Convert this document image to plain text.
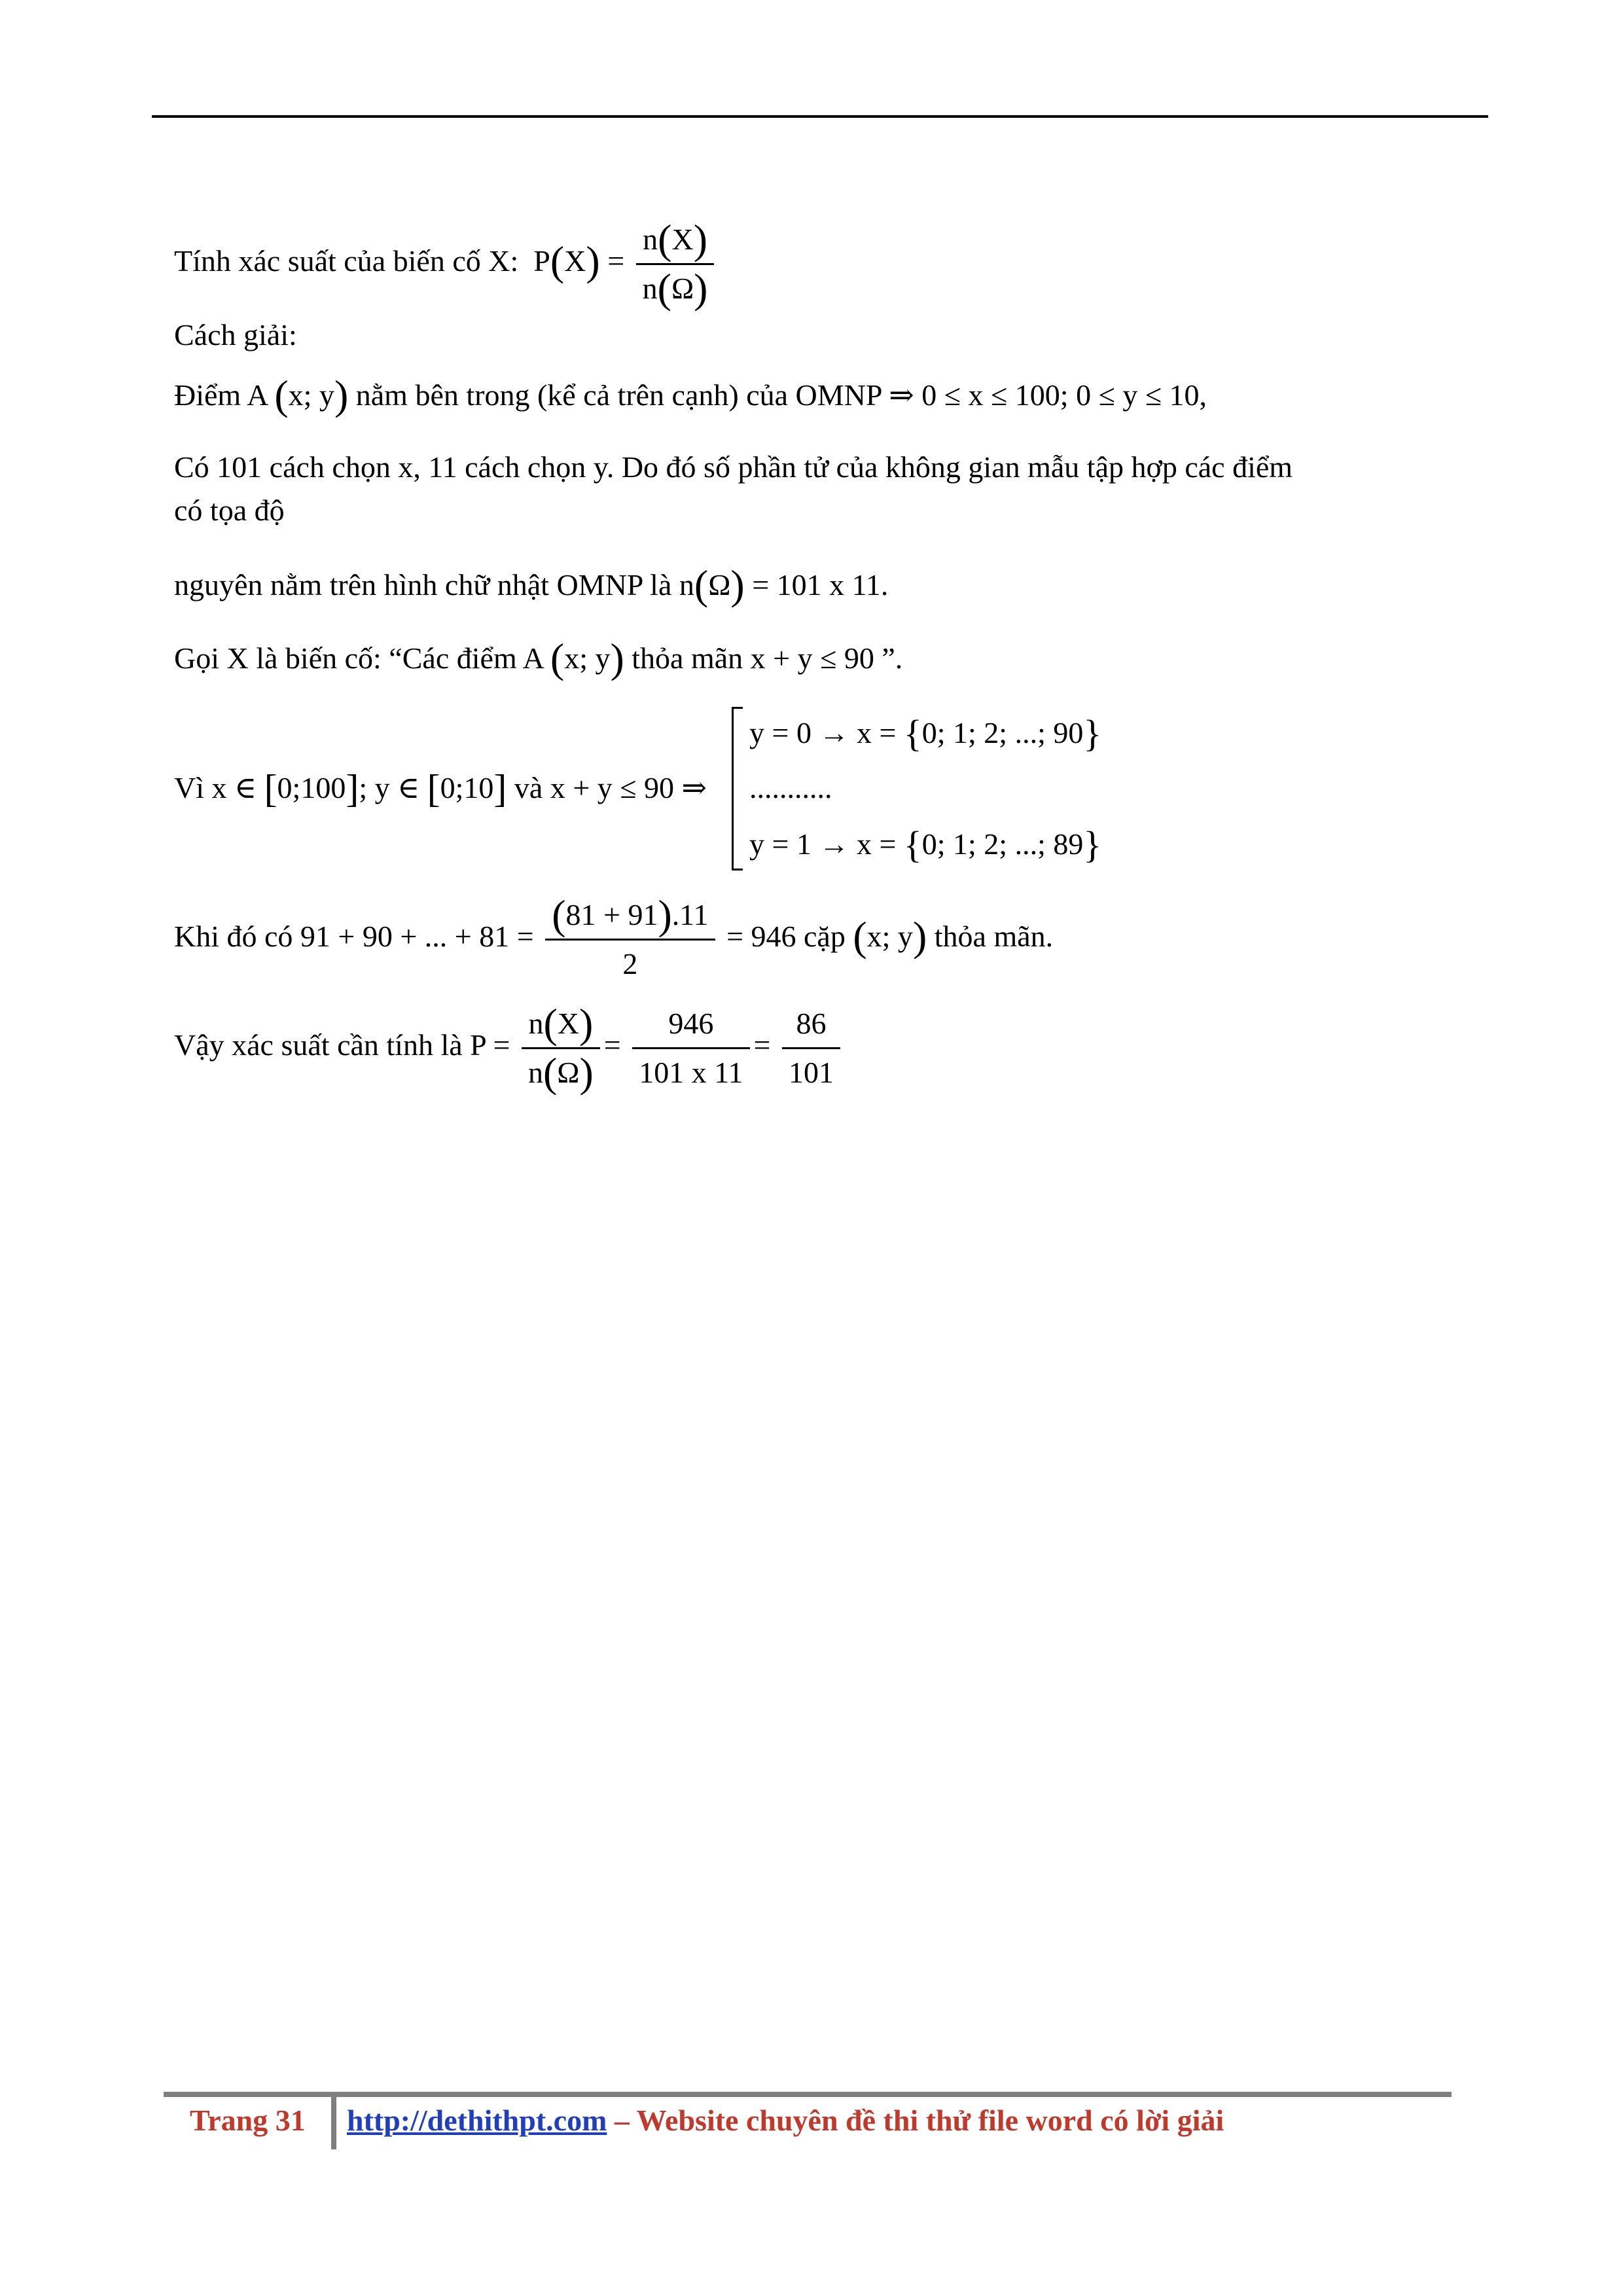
Tính xác suất của biến cố X: $P(X) = \frac{n(X)}{n(\Omega)}$
Cách giải:
Điểm A (x; y) nằm bên trong (kể cả trên cạnh) của OMNP ⇒ 0 ≤ x ≤ 100; 0 ≤ y ≤ 10,
Có 101 cách chọn x, 11 cách chọn y. Do đó số phần tử của không gian mẫu tập hợp các điểm
có tọa độ
nguyên nằm trên hình chữ nhật OMNP là n(Ω) = 101 x 11.
Gọi X là biến cố: “Các điểm A (x; y) thỏa mãn x + y ≤ 90 ”.
Vì x ∈ [0;100]; y ∈ [0;10] và x + y ≤ 90 ⇒
y = 0 → x = {0; 1; 2; ...; 90}
...........
y = 1 → x = {0; 1; 2; ...; 89}
Khi đó có 91 + 90 + ... + $81 = \frac{(81 + 91).11}{2} = 946$ cặp (x; y) thỏa mãn.
Vậy xác suất cần tính là $P = \frac{n(X)}{n(\Omega)} = \frac{946}{101 x 11} = \frac{86}{101}$
Trang 31 http://dethithpt.com – Website chuyên đề thi thử file word có lời giải
